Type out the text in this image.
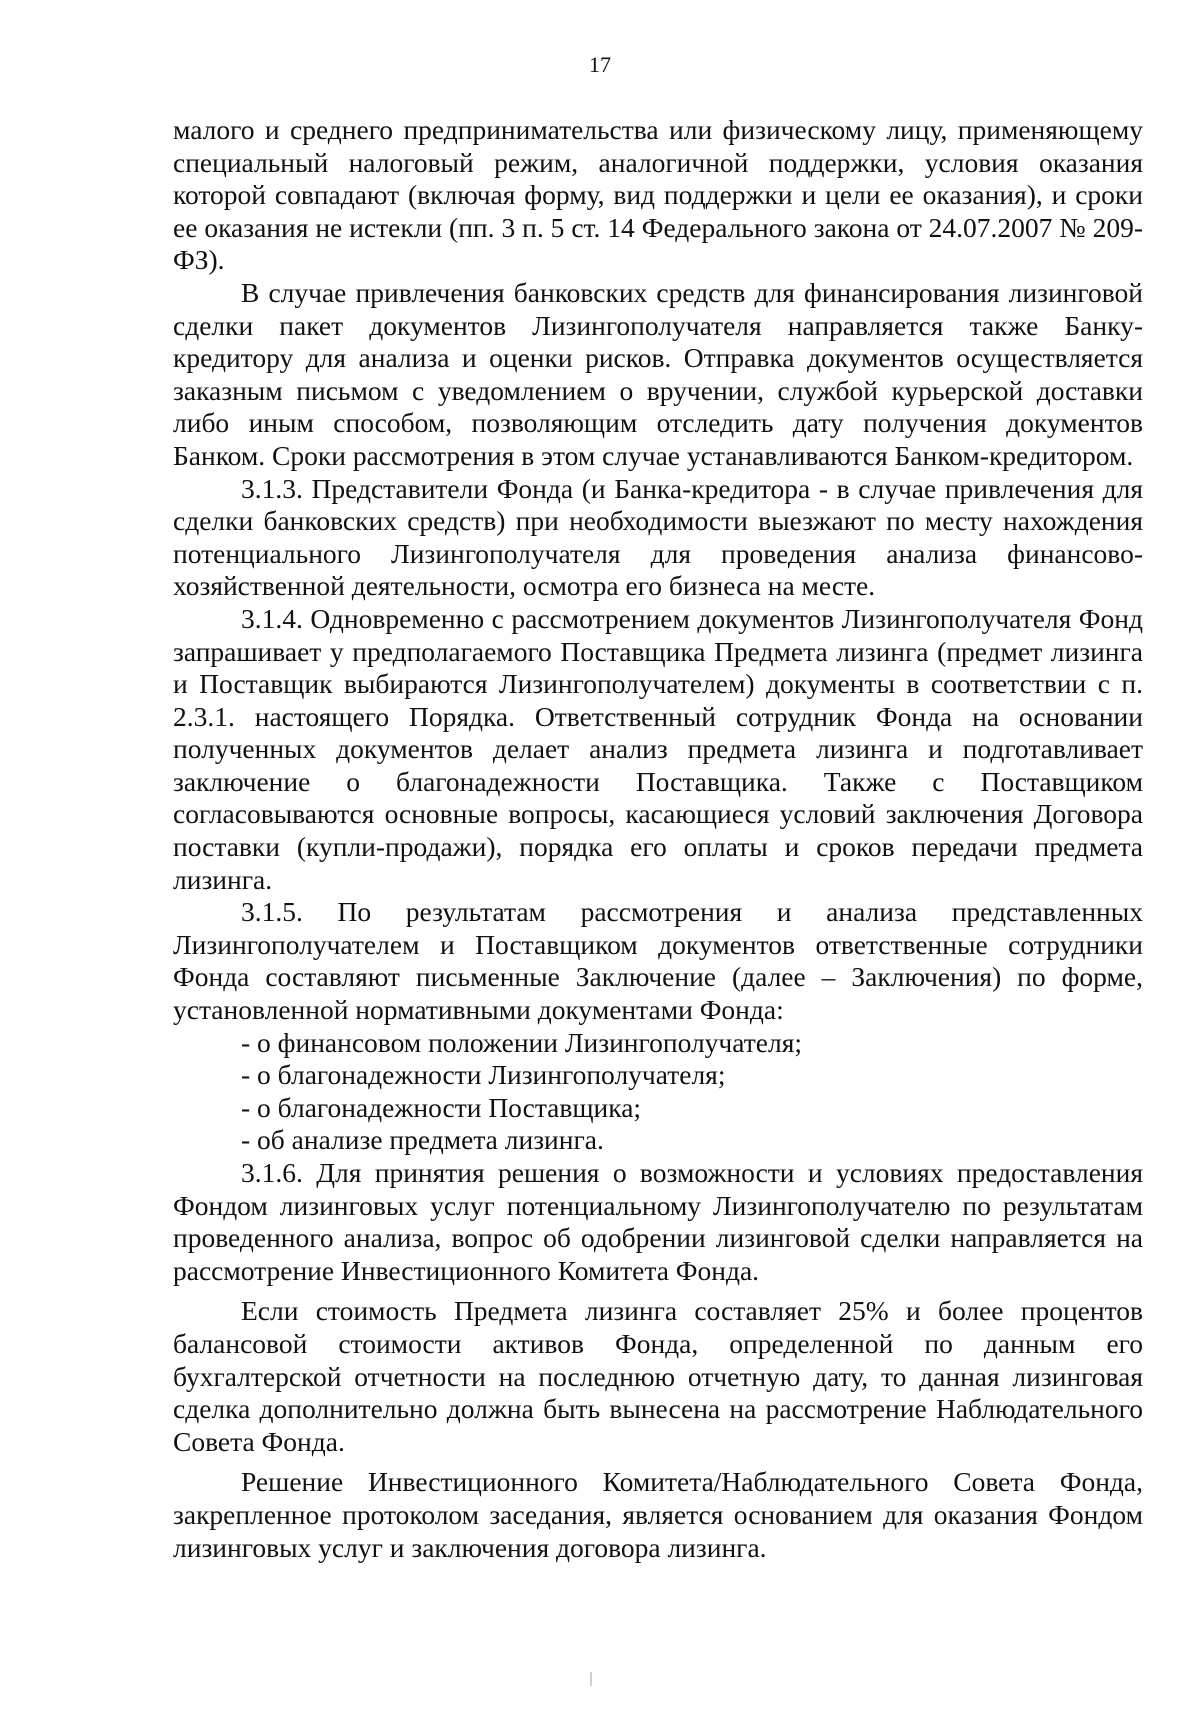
17

малого и среднего предпринимательства или физическому лицу, применяющему специальный налоговый режим, аналогичной поддержки, условия оказания которой совпадают (включая форму, вид поддержки и цели ее оказания), и сроки ее оказания не истекли (пп. 3 п. 5 ст. 14 Федерального закона от 24.07.2007 № 209-ФЗ).

В случае привлечения банковских средств для финансирования лизинговой сделки пакет документов Лизингополучателя направляется также Банку-кредитору для анализа и оценки рисков. Отправка документов осуществляется заказным письмом с уведомлением о вручении, службой курьерской доставки либо иным способом, позволяющим отследить дату получения документов Банком. Сроки рассмотрения в этом случае устанавливаются Банком-кредитором.

3.1.3. Представители Фонда (и Банка-кредитора - в случае привлечения для сделки банковских средств) при необходимости выезжают по месту нахождения потенциального Лизингополучателя для проведения анализа финансово-хозяйственной деятельности, осмотра его бизнеса на месте.

3.1.4. Одновременно с рассмотрением документов Лизингополучателя Фонд запрашивает у предполагаемого Поставщика Предмета лизинга (предмет лизинга и Поставщик выбираются Лизингополучателем) документы в соответствии с п. 2.3.1. настоящего Порядка. Ответственный сотрудник Фонда на основании полученных документов делает анализ предмета лизинга и подготавливает заключение о благонадежности Поставщика. Также с Поставщиком согласовываются основные вопросы, касающиеся условий заключения Договора поставки (купли-продажи), порядка его оплаты и сроков передачи предмета лизинга.

3.1.5. По результатам рассмотрения и анализа представленных Лизингополучателем и Поставщиком документов ответственные сотрудники Фонда составляют письменные Заключение (далее – Заключения) по форме, установленной нормативными документами Фонда:

- о финансовом положении Лизингополучателя;

- о благонадежности Лизингополучателя;

- о благонадежности Поставщика;

- об анализе предмета лизинга.

3.1.6. Для принятия решения о возможности и условиях предоставления Фондом лизинговых услуг потенциальному Лизингополучателю по результатам проведенного анализа, вопрос об одобрении лизинговой сделки направляется на рассмотрение Инвестиционного Комитета Фонда.

Если стоимость Предмета лизинга составляет 25% и более процентов балансовой стоимости активов Фонда, определенной по данным его бухгалтерской отчетности на последнюю отчетную дату, то данная лизинговая сделка дополнительно должна быть вынесена на рассмотрение Наблюдательного Совета Фонда.

Решение Инвестиционного Комитета/Наблюдательного Совета Фонда, закрепленное протоколом заседания, является основанием для оказания Фондом лизинговых услуг и заключения договора лизинга.
